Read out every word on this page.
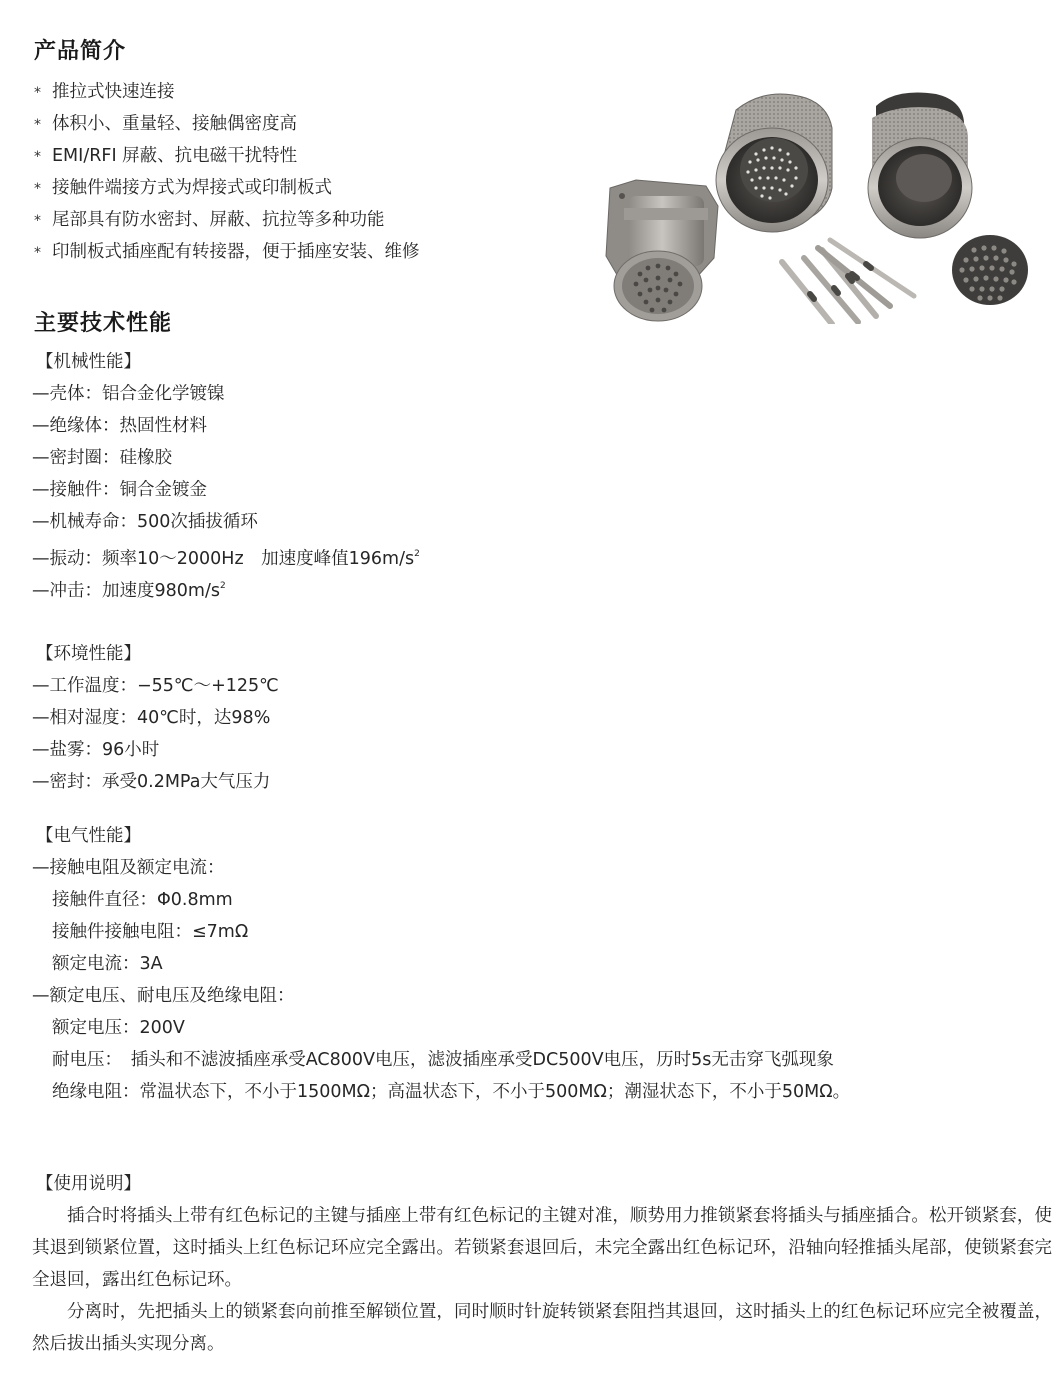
产品简介
* 推拉式快速连接
* 体积小、重量轻、接触偶密度高
* EMI/RFI 屏蔽、抗电磁干扰特性
* 接触件端接方式为焊接式或印制板式
* 尾部具有防水密封、屏蔽、抗拉等多种功能
* 印制板式插座配有转接器，便于插座安装、维修
主要技术性能
【机械性能】
—壳体：铝合金化学镀镍
—绝缘体：热固性材料
—密封圈：硅橡胶
—接触件：铜合金镀金
—机械寿命：500次插拔循环
—振动：频率10～2000Hz　加速度峰值$196m/s^2$
—冲击：加速度$980m/s^2$
【环境性能】
—工作温度：−55℃～+125℃
—相对湿度：40℃时，达98%
—盐雾：96小时
—密封：承受0.2MPa大气压力
【电气性能】
—接触电阻及额定电流：
接触件直径：Φ0.8mm
接触件接触电阻：≤7mΩ
额定电流：3A
—额定电压、耐电压及绝缘电阻：
额定电压：200V
耐电压：　插头和不滤波插座承受AC800V电压，滤波插座承受DC500V电压，历时5s无击穿飞弧现象
绝缘电阻：常温状态下，不小于1500MΩ；高温状态下，不小于500MΩ；潮湿状态下，不小于50MΩ。
【使用说明】

插合时将插头上带有红色标记的主键与插座上带有红色标记的主键对准，顺势用力推锁紧套将插头与插座插合。松开锁紧套，使其退到锁紧位置，这时插头上红色标记环应完全露出。若锁紧套退回后，未完全露出红色标记环，沿轴向轻推插头尾部，使锁紧套完全退回，露出红色标记环。

分离时，先把插头上的锁紧套向前推至解锁位置，同时顺时针旋转锁紧套阻挡其退回，这时插头上的红色标记环应完全被覆盖，然后拔出插头实现分离。
